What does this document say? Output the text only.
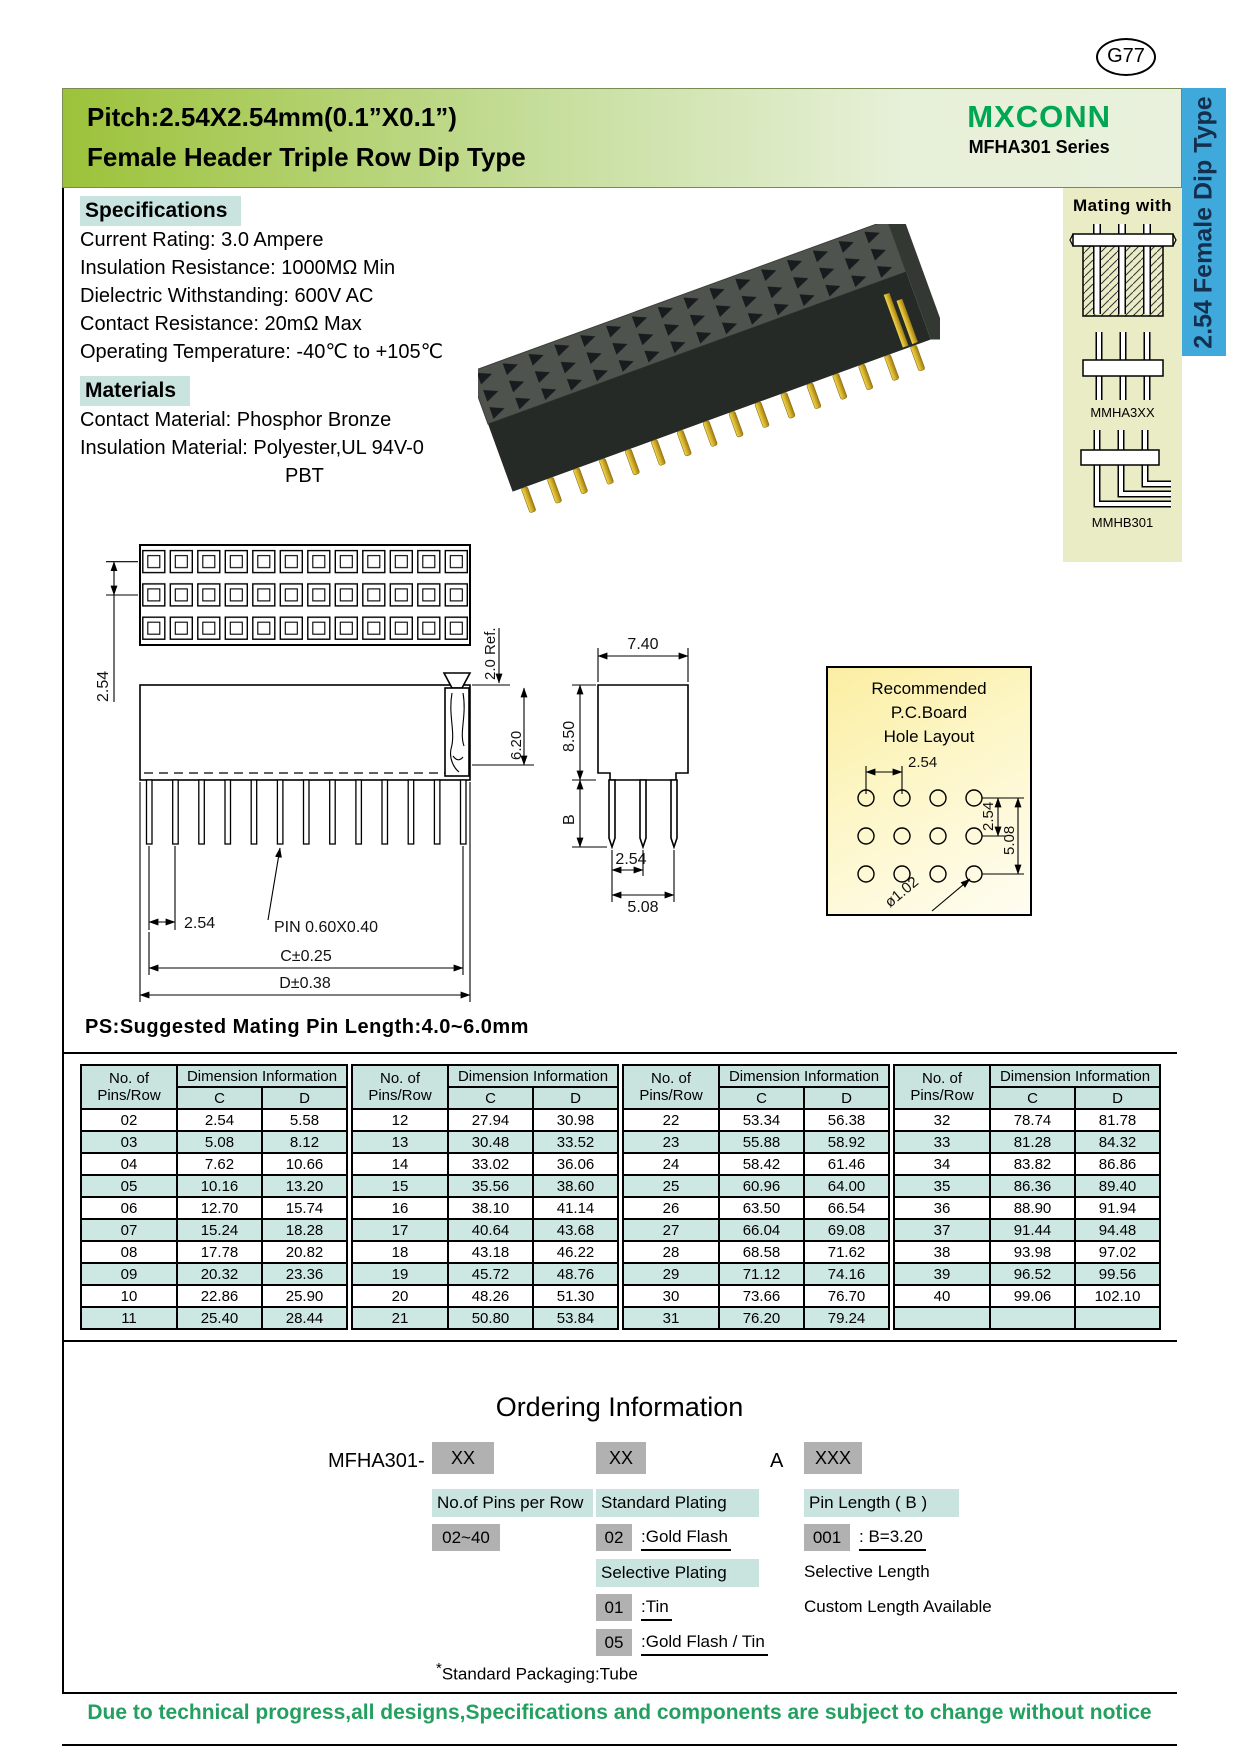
G77
Pitch:2.54X2.54mm(0.1”X0.1”)
Female Header Triple Row Dip Type
MXCONN
MFHA301 Series	2.54 Female Dip Type
Specifications
Current Rating: 3.0 Ampere
Insulation Resistance: 1000MΩ Min
Dielectric Withstanding: 600V AC
Contact Resistance: 20mΩ Max
Operating Temperature: -40℃ to +105℃
Materials
Contact Material: Phosphor Bronze
Insulation Material: Polyester,UL 94V-0
PBT
Mating with
MMHA3XX
MMHB301
2.54
2.0 Ref.
6.20
2.54	PIN 0.60X0.40
C±0.25
D±0.38
7.40
8.50
B
2.54
5.08
Recommended
P.C.Board
Hole Layout
2.54
2.54
5.08
ø1.02
PS:Suggested Mating Pin Length:4.0~6.0mm
No. of
Pins/Row	Dimension Information	
	C	D
02	2.54	5.58
03	5.08	8.12
04	7.62	10.66
05	10.16	13.20
06	12.70	15.74
07	15.24	18.28
08	17.78	20.82
09	20.32	23.36
10	22.86	25.90
11	25.40	28.44
No. of
Pins/Row	Dimension Information	
	C	D
12	27.94	30.98
13	30.48	33.52
14	33.02	36.06
15	35.56	38.60
16	38.10	41.14
17	40.64	43.68
18	43.18	46.22
19	45.72	48.76
20	48.26	51.30
21	50.80	53.84
No. of
Pins/Row	Dimension Information	
	C	D
22	53.34	56.38
23	55.88	58.92
24	58.42	61.46
25	60.96	64.00
26	63.50	66.54
27	66.04	69.08
28	68.58	71.62
29	71.12	74.16
30	73.66	76.70
31	76.20	79.24
No. of
Pins/Row	Dimension Information	
	C	D
32	78.74	81.78
33	81.28	84.32
34	83.82	86.86
35	86.36	89.40
36	88.90	91.94
37	91.44	94.48
38	93.98	97.02
39	96.52	99.56
40	99.06	102.10

Ordering Information
MFHA301-	XX	XX	A	XXX
No.of Pins per Row
02~40
Standard Plating
02	:Gold Flash
Selective Plating
01	:Tin
05	:Gold Flash / Tin
Pin Length ( B )
001	: B=3.20
Selective Length
Custom Length Available
*Standard Packaging:Tube
Due to technical progress,all designs,Specifications and components are subject to change without notice
